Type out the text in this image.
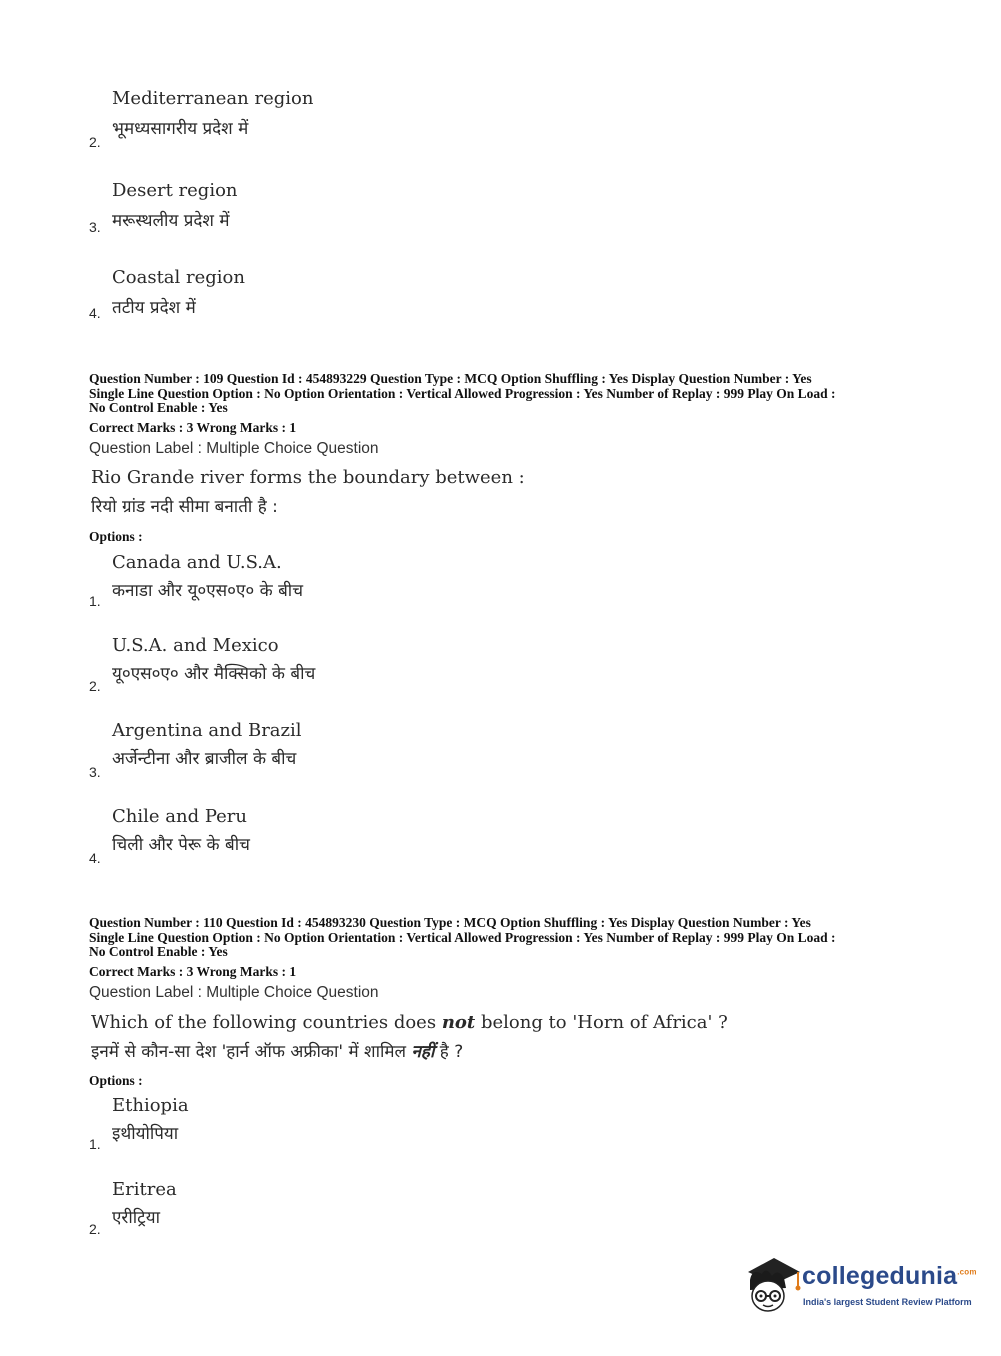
Mediterranean region
भूमध्यसागरीय प्रदेश में
2.
Desert region
मरूस्थलीय प्रदेश में
3.
Coastal region
तटीय प्रदेश में
4.
Question Number : 109 Question Id : 454893229 Question Type : MCQ Option Shuffling : Yes Display Question Number : Yes
Single Line Question Option : No Option Orientation : Vertical Allowed Progression : Yes Number of Replay : 999 Play On Load :
No Control Enable : Yes
Correct Marks : 3 Wrong Marks : 1
Question Label : Multiple Choice Question
Rio Grande river forms the boundary between :
रियो ग्रांड नदी सीमा बनाती है :
Options :
Canada and U.S.A.
कनाडा और यू०एस०ए० के बीच
1.
U.S.A. and Mexico
यू०एस०ए० और मैक्सिको के बीच
2.
Argentina and Brazil
अर्जेन्टीना और ब्राजील के बीच
3.
Chile and Peru
चिली और पेरू के बीच
4.
Question Number : 110 Question Id : 454893230 Question Type : MCQ Option Shuffling : Yes Display Question Number : Yes
Single Line Question Option : No Option Orientation : Vertical Allowed Progression : Yes Number of Replay : 999 Play On Load :
No Control Enable : Yes
Correct Marks : 3 Wrong Marks : 1
Question Label : Multiple Choice Question
Which of the following countries does not belong to 'Horn of Africa' ?
इनमें से कौन-सा देश 'हार्न ऑफ अफ्रीका' में शामिल नहीं है ?
Options :
Ethiopia
इथीयोपिया
1.
Eritrea
एरीट्रिया
2.
collegedunia$^{.com}$
India's largest Student Review Platform
